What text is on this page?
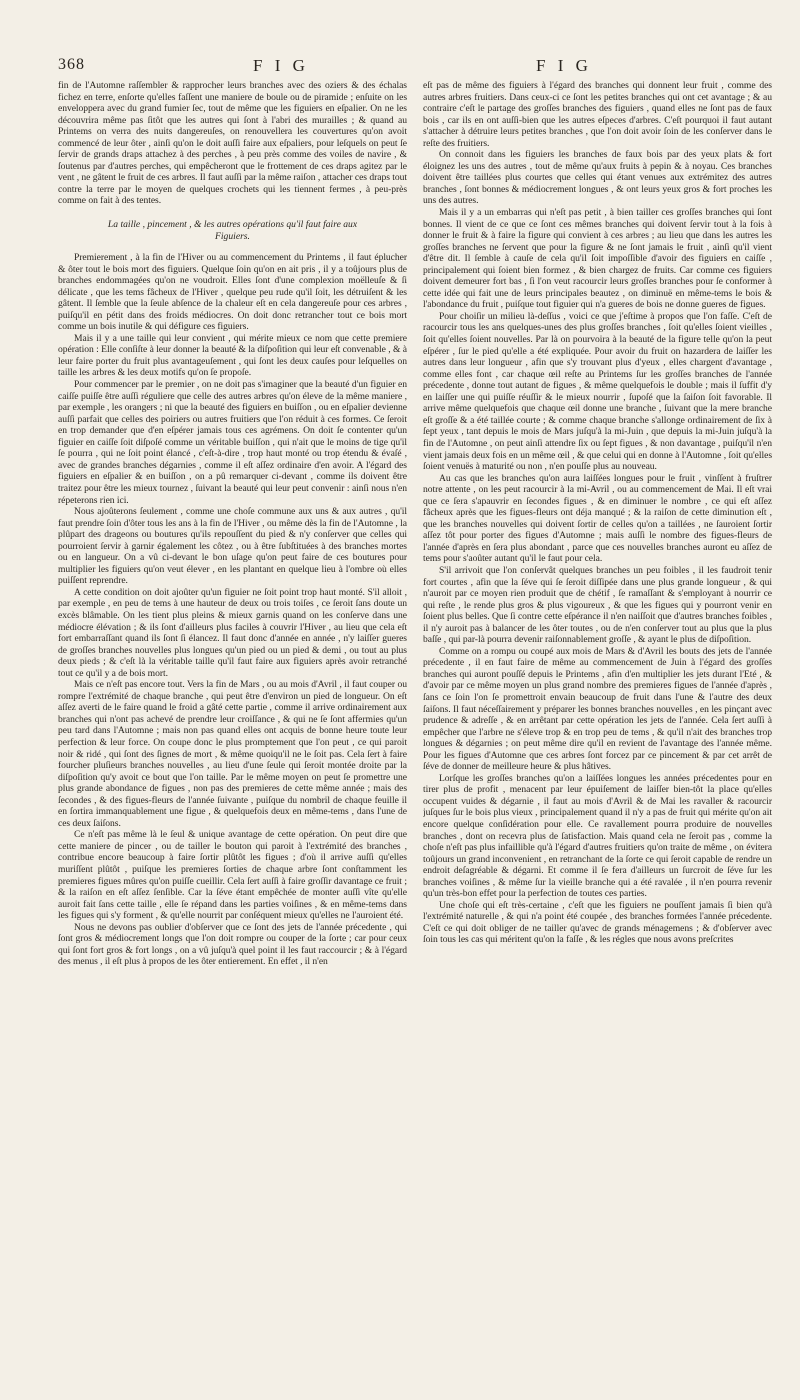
368	F I G	F I G

fin de l'Automne raſſembler & rapprocher leurs branches avec des oziers & des échalas fichez en terre, enſorte qu'elles faſſent une maniere de boule ou de piramide ; enſuite on les enveloppera avec du grand fumier ſec, tout de même que les figuiers en eſpalier. On ne les découvrira même pas ſitôt que les autres qui ſont à l'abri des murailles ; & quand au Printems on verra des nuits dangereuſes, on renouvellera les couvertures qu'on avoit commencé de leur ôter , ainſi qu'on le doit auſſi faire aux eſpaliers, pour leſquels on peut ſe ſervir de grands draps attachez à des perches , à peu près comme des voiles de navire , & ſoutenus par d'autres perches, qui empêcheront que le frottement de ces draps agitez par le vent , ne gâtent le fruit de ces arbres. Il faut auſſi par la même raiſon , attacher ces draps tout contre la terre par le moyen de quelques crochets qui les tiennent fermes , à peu-près comme on fait à des tentes.

La taille , pincement , & les autres opérations qu'il faut faire aux
Figuiers.

Premierement , à la fin de l'Hiver ou au commencement du Printems , il faut éplucher & ôter tout le bois mort des figuiers. Quelque ſoin qu'on en ait pris , il y a toûjours plus de branches endommagées qu'on ne voudroit. Elles ſont d'une complexion moëlleuſe & ſi délicate , que les tems fâcheux de l'Hiver , quelque peu rude qu'il ſoit, les détruiſent & les gâtent. Il ſemble que la ſeule abſence de la chaleur eſt en cela dangereuſe pour ces arbres , puiſqu'il en pétit dans des froids médiocres. On doit donc retrancher tout ce bois mort comme un bois inutile & qui défigure ces figuiers.

Mais il y a une taille qui leur convient , qui mérite mieux ce nom que cette premiere opération : Elle conſiſte à leur donner la beauté & la diſpoſition qui leur eſt convenable , & à leur faire porter du fruit plus avantageuſement , qui ſont les deux cauſes pour leſquelles on taille les arbres & les deux motifs qu'on ſe propoſe.

Pour commencer par le premier , on ne doit pas s'imaginer que la beauté d'un figuier en caiſſe puiſſe être auſſi réguliere que celle des autres arbres qu'on éleve de la même maniere , par exemple , les orangers ; ni que la beauté des figuiers en buiſſon , ou en eſpalier devienne auſſi parfait que celles des poiriers ou autres fruitiers que l'on réduit à ces formes. Ce ſeroit en trop demander que d'en eſpérer jamais tous ces agrémens. On doit ſe contenter qu'un figuier en caiſſe ſoit diſpoſé comme un véritable buiſſon , qui n'ait que le moins de tige qu'il ſe pourra , qui ne ſoit point élancé , c'eſt-à-dire , trop haut monté ou trop étendu & évaſé , avec de grandes branches dégarnies , comme il eſt aſſez ordinaire d'en avoir. A l'égard des figuiers en eſpalier & en buiſſon , on a pû remarquer ci-devant , comme ils doivent être traitez pour être les mieux tournez , ſuivant la beauté qui leur peut convenir : ainſi nous n'en répeterons rien ici.

Nous ajoûterons ſeulement , comme une choſe commune aux uns & aux autres , qu'il faut prendre ſoin d'ôter tous les ans à la fin de l'Hiver , ou même dès la fin de l'Automne , la plûpart des drageons ou boutures qu'ils repouſſent du pied & n'y conſerver que celles qui pourroient ſervir à garnir également les côtez , ou à être ſubſtituées à des branches mortes ou en langueur. On a vû ci-devant le bon uſage qu'on peut faire de ces boutures pour multiplier les figuiers qu'on veut élever , en les plantant en quelque lieu à l'ombre où elles puiſſent reprendre.

A cette condition on doit ajoûter qu'un figuier ne ſoit point trop haut monté. S'il alloit , par exemple , en peu de tems à une hauteur de deux ou trois toiſes , ce ſeroit ſans doute un excès blâmable. On les tient plus pleins & mieux garnis quand on les conſerve dans une médiocre élévation ; & ils ſont d'ailleurs plus faciles à couvrir l'Hiver , au lieu que cela eſt fort embarraſſant quand ils ſont ſi élancez. Il faut donc d'année en année , n'y laiſſer gueres de groſſes branches nouvelles plus longues qu'un pied ou un pied & demi , ou tout au plus deux pieds ; & c'eſt là la véritable taille qu'il faut faire aux figuiers après avoir retranché tout ce qu'il y a de bois mort.

Mais ce n'eſt pas encore tout. Vers la fin de Mars , ou au mois d'Avril , il faut couper ou rompre l'extrémité de chaque branche , qui peut être d'environ un pied de longueur. On eſt aſſez averti de le faire quand le froid a gâté cette partie , comme il arrive ordinairement aux branches qui n'ont pas achevé de prendre leur croiſſance , & qui ne ſe ſont affermies qu'un peu tard dans l'Automne ; mais non pas quand elles ont acquis de bonne heure toute leur perfection & leur force. On coupe donc le plus promptement que l'on peut , ce qui paroit noir & ridé , qui ſont des ſignes de mort , & même quoiqu'il ne le ſoit pas. Cela ſert à faire fourcher pluſieurs branches nouvelles , au lieu d'une ſeule qui ſeroit montée droite par la diſpoſition qu'y avoit ce bout que l'on taille. Par le même moyen on peut ſe promettre une plus grande abondance de figues , non pas des premieres de cette même année ; mais des ſecondes , & des figues-fleurs de l'année ſuivante , puiſque du nombril de chaque feuille il en ſortira immanquablement une figue , & quelquefois deux en même-tems , dans l'une de ces deux ſaiſons.

Ce n'eſt pas même là le ſeul & unique avantage de cette opération. On peut dire que cette maniere de pincer , ou de tailler le bouton qui paroit à l'extrémité des branches , contribue encore beaucoup à faire ſortir plûtôt les figues ; d'où il arrive auſſi qu'elles muriſſent plûtôt , puiſque les premieres ſorties de chaque arbre ſont conſtamment les premieres figues mûres qu'on puiſſe cueillir. Cela ſert auſſi à faire groſſir davantage ce fruit ; & la raiſon en eſt aſſez ſenſible. Car la ſéve étant empêchée de monter auſſi vîte qu'elle auroit fait ſans cette taille , elle ſe répand dans les parties voiſines , & en même-tems dans les figues qui s'y forment , & qu'elle nourrit par conſéquent mieux qu'elles ne l'auroient été.

Nous ne devons pas oublier d'obſerver que ce ſont des jets de l'année précedente , qui ſont gros & médiocrement longs que l'on doit rompre ou couper de la ſorte ; car pour ceux qui ſont fort gros & fort longs , on a vû juſqu'à quel point il les faut raccourcir ; & à l'égard des menus , il eſt plus à propos de les ôter entierement. En effet , il n'en

eſt pas de même des figuiers à l'égard des branches qui donnent leur fruit , comme des autres arbres fruitiers. Dans ceux-ci ce ſont les petites branches qui ont cet avantage ; & au contraire c'eſt le partage des groſſes branches des figuiers , quand elles ne ſont pas de faux bois , car ils en ont auſſi-bien que les autres eſpeces d'arbres. C'eſt pourquoi il faut autant s'attacher à détruire leurs petites branches , que l'on doit avoir ſoin de les conſerver dans le reſte des fruitiers.

On connoit dans les figuiers les branches de faux bois par des yeux plats & fort éloignez les uns des autres , tout de même qu'aux fruits à pepin & à noyau. Ces branches doivent être taillées plus courtes que celles qui étant venues aux extrémitez des autres branches , ſont bonnes & médiocrement longues , & ont leurs yeux gros & fort proches les uns des autres.

Mais il y a un embarras qui n'eſt pas petit , à bien tailler ces groſſes branches qui ſont bonnes. Il vient de ce que ce ſont ces mêmes branches qui doivent ſervir tout à la fois à donner le fruit & à faire la figure qui convient à ces arbres ; au lieu que dans les autres les groſſes branches ne ſervent que pour la figure & ne ſont jamais le fruit , ainſi qu'il vient d'être dit. Il ſemble à cauſe de cela qu'il ſoit impoſſible d'avoir des figuiers en caiſſe , principalement qui ſoient bien formez , & bien chargez de fruits. Car comme ces figuiers doivent demeurer fort bas , ſi l'on veut racourcir leurs groſſes branches pour ſe conformer à cette idée qui fait une de leurs principales beautez , on diminuë en même-tems le bois & l'abondance du fruit , puiſque tout figuier qui n'a gueres de bois ne donne gueres de figues.

Pour choiſir un milieu là-deſſus , voici ce que j'eſtime à propos que l'on faſſe. C'eſt de racourcir tous les ans quelques-unes des plus groſſes branches , ſoit qu'elles ſoient vieilles , ſoit qu'elles ſoient nouvelles. Par là on pourvoira à la beauté de la figure telle qu'on la peut eſpérer , ſur le pied qu'elle a été expliquée. Pour avoir du fruit on hazardera de laiſſer les autres dans leur longueur , afin que s'y trouvant plus d'yeux , elles chargent d'avantage , comme elles font , car chaque œil reſte au Printems ſur les groſſes branches de l'année précedente , donne tout autant de figues , & même quelquefois le double ; mais il ſuffit d'y en laiſſer une qui puiſſe réuſſir & le mieux nourrir , ſupoſé que la ſaiſon ſoit favorable. Il arrive même quelquefois que chaque œil donne une branche , ſuivant que la mere branche eſt groſſe & a été taillée courte ; & comme chaque branche s'allonge ordinairement de ſix à ſept yeux , tant depuis le mois de Mars juſqu'à la mi-Juin , que depuis la mi-Juin juſqu'à la fin de l'Automne , on peut ainſi attendre ſix ou ſept figues , & non davantage , puiſqu'il n'en vient jamais deux fois en un même œil , & que celui qui en donne à l'Automne , ſoit qu'elles ſoient venuës à maturité ou non , n'en pouſſe plus au nouveau.

Au cas que les branches qu'on aura laiſſées longues pour le fruit , vinſſent à fruſtrer notre attente , on les peut racourcir à la mi-Avril , ou au commencement de Mai. Il eſt vrai que ce ſera s'apauvrir en ſecondes figues , & en diminuer le nombre , ce qui eſt aſſez fâcheux après que les figues-fleurs ont déja manqué ; & la raiſon de cette diminution eſt , que les branches nouvelles qui doivent ſortir de celles qu'on a taillées , ne ſauroient ſortir aſſez tôt pour porter des figues d'Automne ; mais auſſi le nombre des figues-fleurs de l'année d'après en ſera plus abondant , parce que ces nouvelles branches auront eu aſſez de tems pour s'aoûter autant qu'il le faut pour cela.

S'il arrivoit que l'on conſervât quelques branches un peu foibles , il les faudroit tenir fort courtes , afin que la ſéve qui ſe ſeroit diſſipée dans une plus grande longueur , & qui n'auroit par ce moyen rien produit que de chétif , ſe ramaſſant & s'employant à nourrir ce qui reſte , le rende plus gros & plus vigoureux , & que les figues qui y pourront venir en ſoient plus belles. Que ſi contre cette eſpérance il n'en naiſſoit que d'autres branches foibles , il n'y auroit pas à balancer de les ôter toutes , ou de n'en conſerver tout au plus que la plus baſſe , qui par-là pourra devenir raiſonnablement groſſe , & ayant le plus de diſpoſition.

Comme on a rompu ou coupé aux mois de Mars & d'Avril les bouts des jets de l'année précedente , il en faut faire de même au commencement de Juin à l'égard des groſſes branches qui auront pouſſé depuis le Printems , afin d'en multiplier les jets durant l'Eté , & d'avoir par ce même moyen un plus grand nombre des premieres figues de l'année d'après , ſans ce ſoin l'on ſe promettroit envain beaucoup de fruit dans l'une & l'autre des deux ſaiſons. Il faut néceſſairement y préparer les bonnes branches nouvelles , en les pinçant avec prudence & adreſſe , & en arrêtant par cette opération les jets de l'année. Cela ſert auſſi à empêcher que l'arbre ne s'éleve trop & en trop peu de tems , & qu'il n'ait des branches trop longues & dégarnies ; on peut même dire qu'il en revient de l'avantage des l'année même. Pour les figues d'Automne que ces arbres ſont forcez par ce pincement & par cet arrêt de ſéve de donner de meilleure heure & plus hâtives.

Lorſque les groſſes branches qu'on a laiſſées longues les années précedentes pour en tirer plus de profit , menacent par leur épuiſement de laiſſer bien-tôt la place qu'elles occupent vuides & dégarnie , il faut au mois d'Avril & de Mai les ravaller & racourcir juſques ſur le bois plus vieux , principalement quand il n'y a pas de fruit qui mérite qu'on ait encore quelque conſidération pour elle. Ce ravallement pourra produire de nouvelles branches , dont on recevra plus de ſatisfaction. Mais quand cela ne ſeroit pas , comme la choſe n'eſt pas plus infaillible qu'à l'égard d'autres fruitiers qu'on traite de même , on évitera toûjours un grand inconvenient , en retranchant de la ſorte ce qui ſeroit capable de rendre un endroit deſagréable & dégarni. Et comme il ſe fera d'ailleurs un ſurcroit de ſéve ſur les branches voiſines , & même ſur la vieille branche qui a été ravalée , il n'en pourra revenir qu'un très-bon effet pour la perfection de toutes ces parties.

Une choſe qui eſt très-certaine , c'eſt que les figuiers ne pouſſent jamais ſi bien qu'à l'extrémité naturelle , & qui n'a point été coupée , des branches formées l'année précedente. C'eſt ce qui doit obliger de ne tailler qu'avec de grands ménagemens ; & d'obſerver avec ſoin tous les cas qui méritent qu'on la faſſe , & les régles que nous avons preſcrites
